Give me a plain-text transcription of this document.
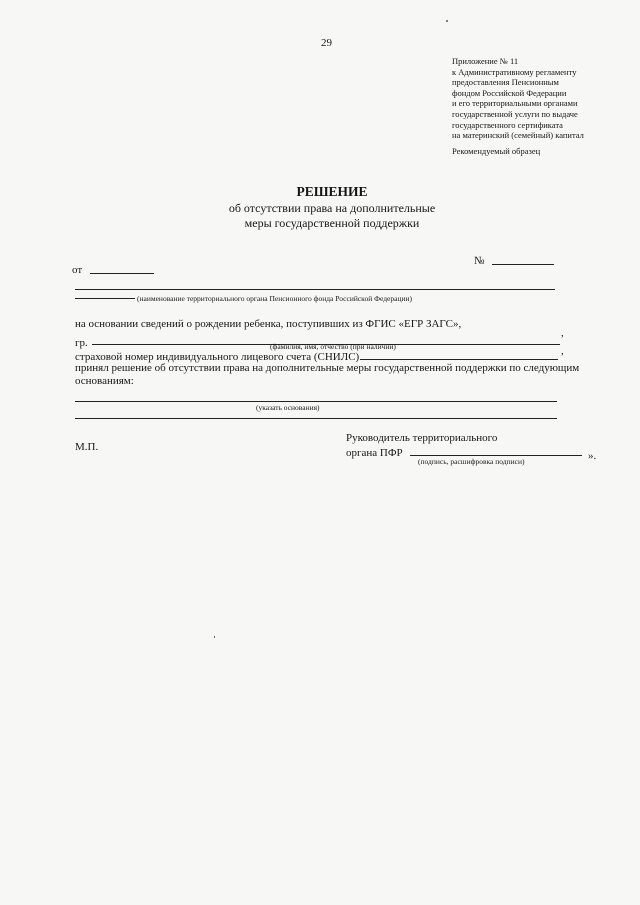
29
Приложение № 11
к Административному регламенту
предоставления Пенсионным
фондом Российской Федерации
и его территориальными органами
государственной услуги по выдаче
государственного сертификата
на материнский (семейный) капитал
Рекомендуемый образец
РЕШЕНИЕ
об отсутствии права на дополнительные
меры государственной поддержки
№
от
(наименование территориального органа Пенсионного фонда Российской Федерации)
на основании сведений о рождении ребенка, поступивших из ФГИС «ЕГР ЗАГС»,
гр.
,
(фамилия, имя, отчество (при наличии)
страховой номер индивидуального лицевого счета (СНИЛС)	,
принял решение об отсутствии права на дополнительные меры государственной поддержки по следующим
основаниям:
(указать основания)
М.П.
Руководитель территориального
органа ПФР
(подпись, расшифровка подписи)	».
